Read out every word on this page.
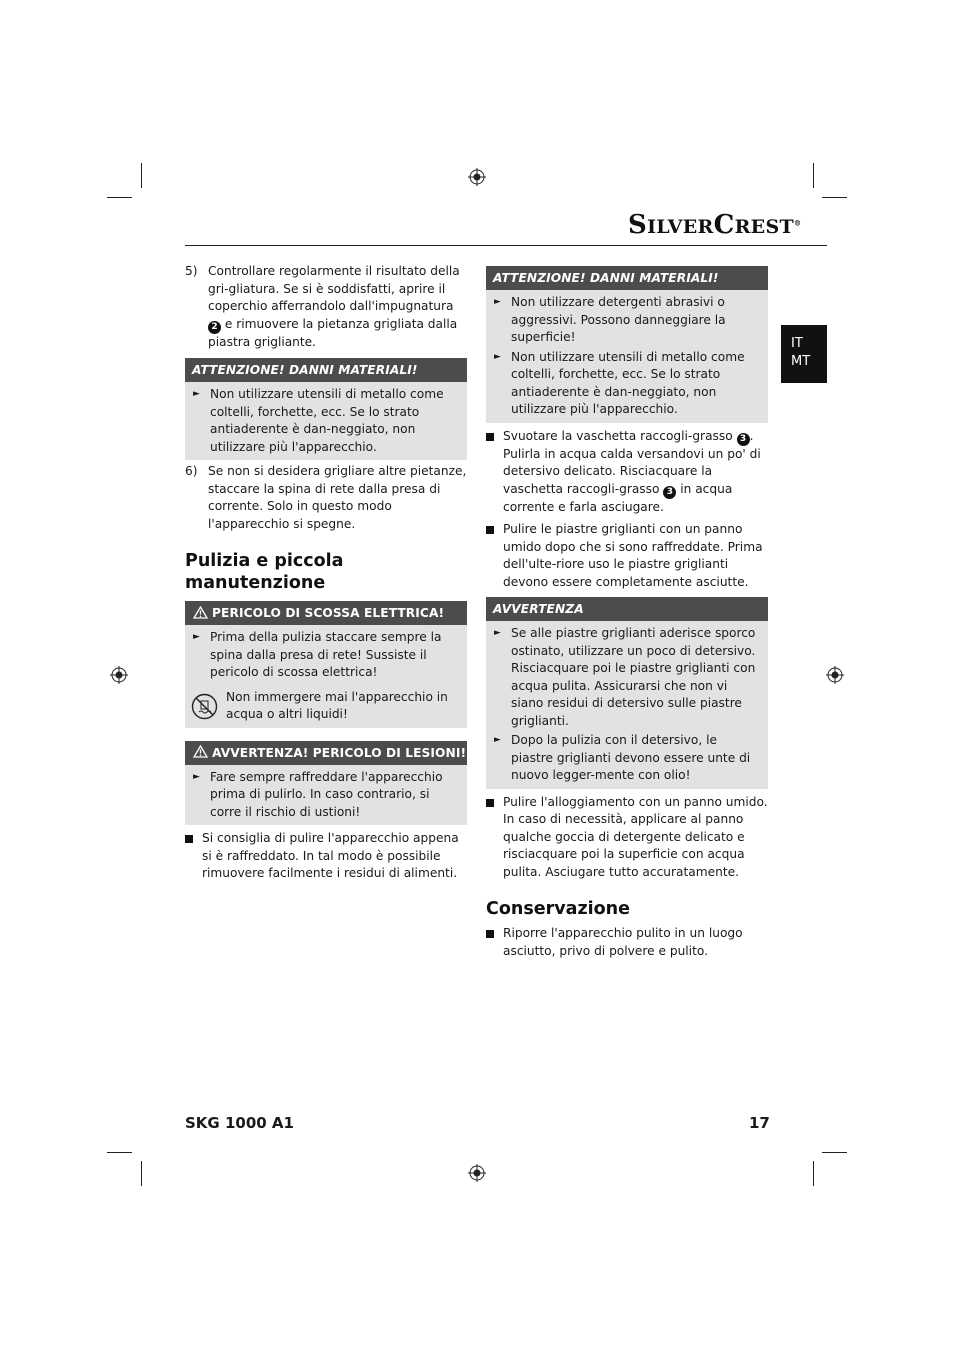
SILVERCREST®
IT
MT

5) Controllare regolarmente il risultato della gri-gliatura. Se si è soddisfatti, aprire il coperchio afferrandolo dall'impugnatura 2 e rimuovere la pietanza grigliata dalla piastra grigliante.

ATTENZIONE! DANNI MATERIALI!

► Non utilizzare utensili di metallo come coltelli, forchette, ecc. Se lo strato antiaderente è dan-neggiato, non utilizzare più l'apparecchio.

6) Se non si desidera grigliare altre pietanze, staccare la spina di rete dalla presa di corrente. Solo in questo modo l'apparecchio si spegne.

Pulizia e piccola manutenzione
PERICOLO DI SCOSSA ELETTRICA!

► Prima della pulizia staccare sempre la spina dalla presa di rete! Sussiste il pericolo di scossa elettrica!

Non immergere mai l'apparecchio in acqua o altri liquidi!

AVVERTENZA! PERICOLO DI LESIONI!

► Fare sempre raffreddare l'apparecchio prima di pulirlo. In caso contrario, si corre il rischio di ustioni!

Si consiglia di pulire l'apparecchio appena si è raffreddato. In tal modo è possibile rimuovere facilmente i residui di alimenti.

ATTENZIONE! DANNI MATERIALI!

► Non utilizzare detergenti abrasivi o aggressivi. Possono danneggiare la superficie!

► Non utilizzare utensili di metallo come coltelli, forchette, ecc. Se lo strato antiaderente è dan-neggiato, non utilizzare più l'apparecchio.

Svuotare la vaschetta raccogli-grasso 3 . Pulirla in acqua calda versandovi un po' di detersivo delicato. Risciacquare la vaschetta raccogli-grasso 3 in acqua corrente e farla asciugare.

Pulire le piastre griglianti con un panno umido dopo che si sono raffreddate. Prima dell'ulte-riore uso le piastre griglianti devono essere completamente asciutte.

AVVERTENZA

► Se alle piastre griglianti aderisce sporco ostinato, utilizzare un poco di detersivo. Risciacquare poi le piastre griglianti con acqua pulita. Assicurarsi che non vi siano residui di detersivo sulle piastre griglianti.

► Dopo la pulizia con il detersivo, le piastre griglianti devono essere unte di nuovo legger-mente con olio!

Pulire l'alloggiamento con un panno umido. In caso di necessità, applicare al panno qualche goccia di detergente delicato e risciacquare poi la superficie con acqua pulita. Asciugare tutto accuratamente.

Conservazione

Riporre l'apparecchio pulito in un luogo asciutto, privo di polvere e pulito.

SKG 1000 A1	17
